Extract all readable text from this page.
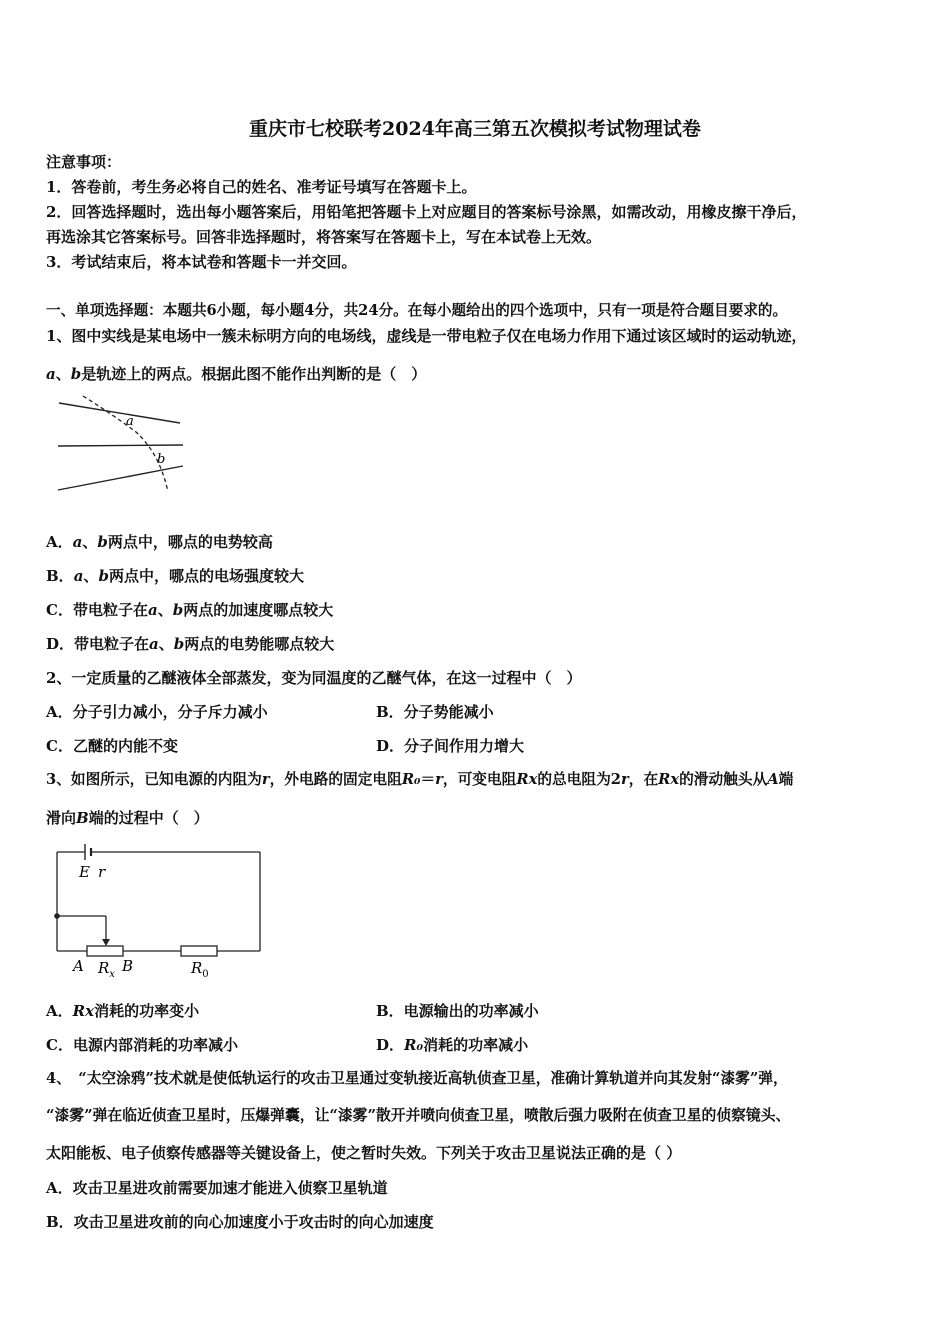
重庆市七校联考2024年高三第五次模拟考试物理试卷
注意事项：
1．答卷前，考生务必将自己的姓名、准考证号填写在答题卡上。
2．回答选择题时，选出每小题答案后，用铅笔把答题卡上对应题目的答案标号涂黑，如需改动，用橡皮擦干净后，
再选涂其它答案标号。回答非选择题时，将答案写在答题卡上，写在本试卷上无效。
3．考试结束后，将本试卷和答题卡一并交回。
一、单项选择题：本题共6小题，每小题4分，共24分。在每小题给出的四个选项中，只有一项是符合题目要求的。
1、图中实线是某电场中一簇未标明方向的电场线，虚线是一带电粒子仅在电场力作用下通过该区域时的运动轨迹，
a、b是轨迹上的两点。根据此图不能作出判断的是（　）
a
b
A．a、b两点中，哪点的电势较高
B．a、b两点中，哪点的电场强度较大
C．带电粒子在a、b两点的加速度哪点较大
D．带电粒子在a、b两点的电势能哪点较大
2、一定质量的乙醚液体全部蒸发，变为同温度的乙醚气体，在这一过程中（　）
A．分子引力减小，分子斥力减小	B．分子势能减小
C．乙醚的内能不变	D．分子间作用力增大
3、如图所示，已知电源的内阻为r，外电路的固定电阻R₀＝r，可变电阻Rx的总电阻为2r，在Rx的滑动触头从A端
滑向B端的过程中（　）
E r
A $R_x$ B	$R_0$
A．Rx消耗的功率变小	B．电源输出的功率减小
C．电源内部消耗的功率减小	D．R₀消耗的功率减小
4、　“太空涂鸦”技术就是使低轨运行的攻击卫星通过变轨接近高轨侦查卫星，准确计算轨道并向其发射“漆雾”弹，
“漆雾”弹在临近侦查卫星时，压爆弹囊，让“漆雾”散开并喷向侦查卫星，喷散后强力吸附在侦查卫星的侦察镜头、
太阳能板、电子侦察传感器等关键设备上，使之暂时失效。下列关于攻击卫星说法正确的是（ ）
A．攻击卫星进攻前需要加速才能进入侦察卫星轨道
B．攻击卫星进攻前的向心加速度小于攻击时的向心加速度
